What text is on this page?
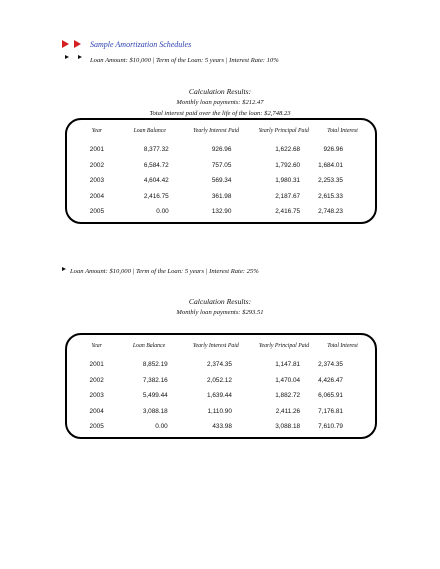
Sample Amortization Schedules
Loan Amount: $10,000 | Term of the Loan: 5 years | Interest Rate: 10%
Calculation Results:
Monthly loan payments: $212.47
Total interest paid over the life of the loan: $2,748.23
Year	Loan Balance	Yearly Interest Paid	Yearly Principal Paid	Total Interest
2001	8,377.32	926.96	1,622.68	926.96
2002	6,584.72	757.05	1,792.60	1,684.01
2003	4,604.42	569.34	1,980.31	2,253.35
2004	2,416.75	361.98	2,187.67	2,615.33
2005	0.00	132.90	2,416.75	2,748.23
Loan Amount: $10,000 | Term of the Loan: 5 years | Interest Rate: 25%
Calculation Results:
Monthly loan payments: $293.51
Year	Loan Balance	Yearly Interest Paid	Yearly Principal Paid	Total Interest
2001	8,852.19	2,374.35	1,147.81	2,374.35
2002	7,382.16	2,052.12	1,470.04	4,426.47
2003	5,499.44	1,639.44	1,882.72	6,065.91
2004	3,088.18	1,110.90	2,411.26	7,176.81
2005	0.00	433.98	3,088.18	7,610.79
